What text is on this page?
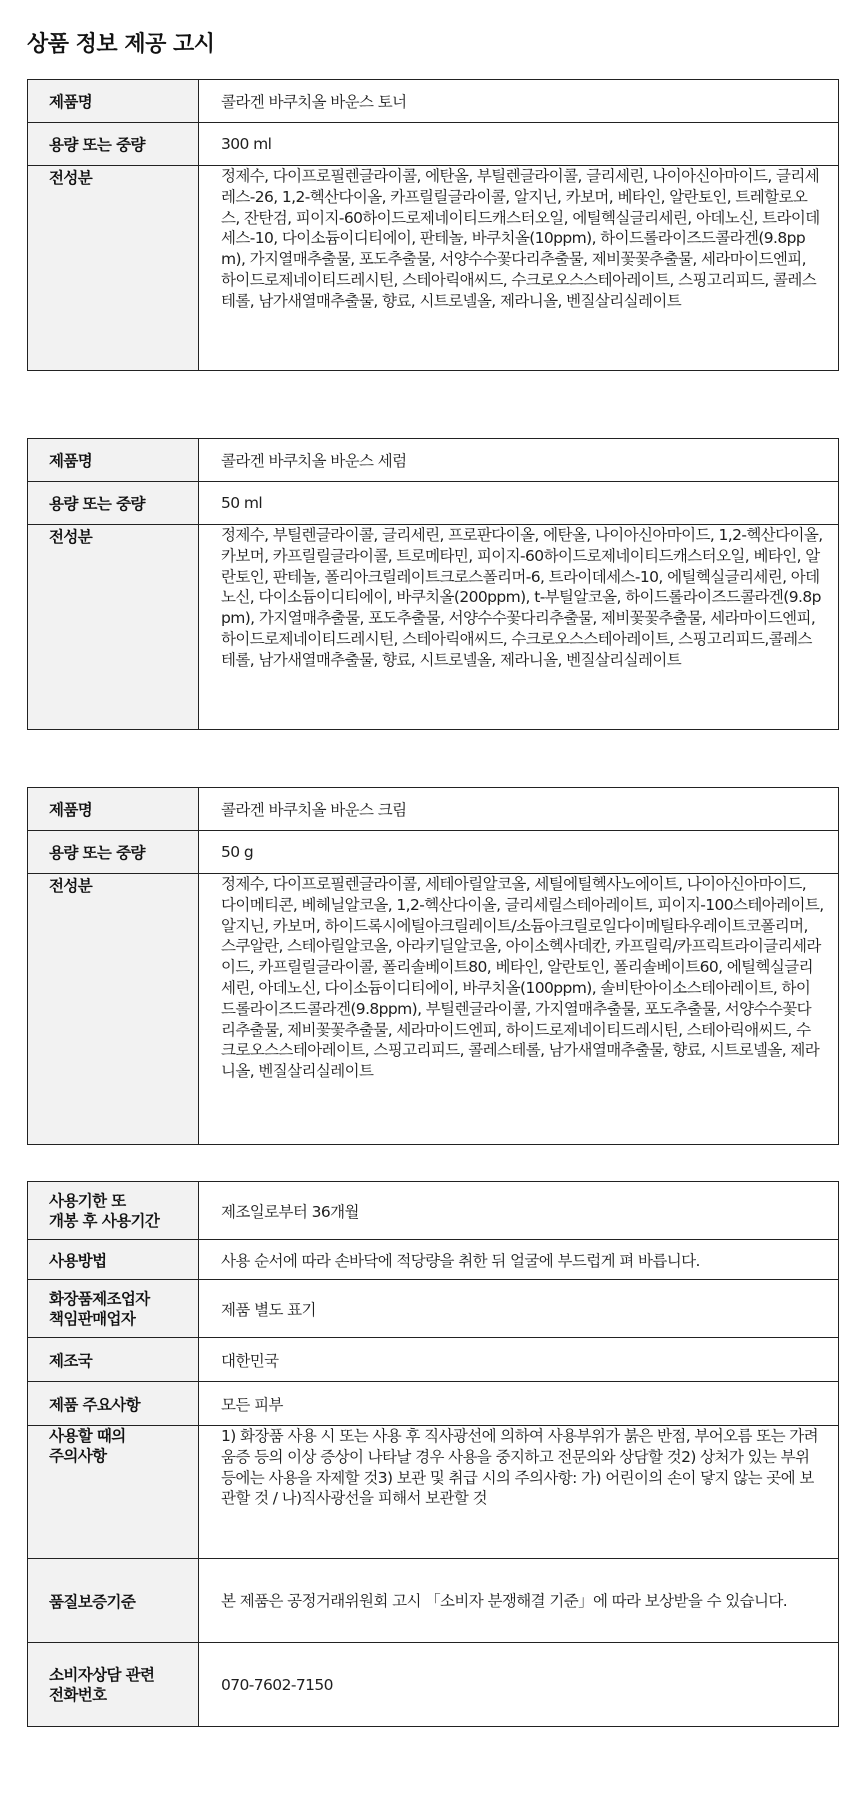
상품 정보 제공 고시
제품명	콜라겐 바쿠치올 바운스 토너
용량 또는 중량	300 ml
전성분	정제수, 다이프로필렌글라이콜, 에탄올, 부틸렌글라이콜, 글리세린, 나이아신아마이드, 글리세레스-26, 1,2-헥산다이올, 카프릴릴글라이콜, 알지닌, 카보머, 베타인, 알란토인, 트레할로오스, 잔탄검, 피이지-60하이드로제네이티드캐스터오일, 에틸헥실글리세린, 아데노신, 트라이데세스-10, 다이소듐이디티에이, 판테놀, 바쿠치올(10ppm), 하이드롤라이즈드콜라겐(9.8ppm), 가지열매추출물, 포도추출물, 서양수수꽃다리추출물, 제비꽃꽃추출물, 세라마이드엔피, 하이드로제네이티드레시틴, 스테아릭애씨드, 수크로오스스테아레이트, 스핑고리피드, 콜레스테롤, 남가새열매추출물, 향료, 시트로넬올, 제라니올, 벤질살리실레이트
제품명	콜라겐 바쿠치올 바운스 세럼
용량 또는 중량	50 ml
전성분	정제수, 부틸렌글라이콜, 글리세린, 프로판다이올, 에탄올, 나이아신아마이드, 1,2-헥산다이올, 카보머, 카프릴릴글라이콜, 트로메타민, 피이지-60하이드로제네이티드캐스터오일, 베타인, 알란토인, 판테놀, 폴리아크릴레이트크로스폴리머-6, 트라이데세스-10, 에틸헥실글리세린, 아데노신, 다이소듐이디티에이, 바쿠치올(200ppm), t-부틸알코올, 하이드롤라이즈드콜라겐(9.8ppm), 가지열매추출물, 포도추출물, 서양수수꽃다리추출물, 제비꽃꽃추출물, 세라마이드엔피, 하이드로제네이티드레시틴, 스테아릭애씨드, 수크로오스스테아레이트, 스핑고리피드,콜레스테롤, 남가새열매추출물, 향료, 시트로넬올, 제라니올, 벤질살리실레이트
제품명	콜라겐 바쿠치올 바운스 크림
용량 또는 중량	50 g
전성분	정제수, 다이프로필렌글라이콜, 세테아릴알코올, 세틸에틸헥사노에이트, 나이아신아마이드, 다이메티콘, 베헤닐알코올, 1,2-헥산다이올, 글리세릴스테아레이트, 피이지-100스테아레이트, 알지닌, 카보머, 하이드록시에틸아크릴레이트/소듐아크릴로일다이메틸타우레이트코폴리머, 스쿠알란, 스테아릴알코올, 아라키딜알코올, 아이소헥사데칸, 카프릴릭/카프릭트라이글리세라이드, 카프릴릴글라이콜, 폴리솔베이트80, 베타인, 알란토인, 폴리솔베이트60, 에틸헥실글리세린, 아데노신, 다이소듐이디티에이, 바쿠치올(100ppm), 솔비탄아이소스테아레이트, 하이드롤라이즈드콜라겐(9.8ppm), 부틸렌글라이콜, 가지열매추출물, 포도추출물, 서양수수꽃다리추출물, 제비꽃꽃추출물, 세라마이드엔피, 하이드로제네이티드레시틴, 스테아릭애씨드, 수크로오스스테아레이트, 스핑고리피드, 콜레스테롤, 남가새열매추출물, 향료, 시트로넬올, 제라니올, 벤질살리실레이트
사용기한 또
개봉 후 사용기간	제조일로부터 36개월
사용방법	사용 순서에 따라 손바닥에 적당량을 취한 뒤 얼굴에 부드럽게 펴 바릅니다.

화장품제조업자
책임판매업자	제품 별도 표기
제조국	대한민국
제품 주요사항	모든 피부

사용할 때의
주의사항	1) 화장품 사용 시 또는 사용 후 직사광선에 의하여 사용부위가 붉은 반점, 부어오름 또는 가려움증 등의 이상 증상이 나타날 경우 사용을 중지하고 전문의와 상담할 것2) 상처가 있는 부위 등에는 사용을 자제할 것3) 보관 및 취급 시의 주의사항: 가) 어린이의 손이 닿지 않는 곳에 보관할 것 / 나)직사광선을 피해서 보관할 것
품질보증기준	본 제품은 공정거래위원회 고시 「소비자 분쟁해결 기준」에 따라 보상받을 수 있습니다.

소비자상담 관련
전화번호	070-7602-7150
